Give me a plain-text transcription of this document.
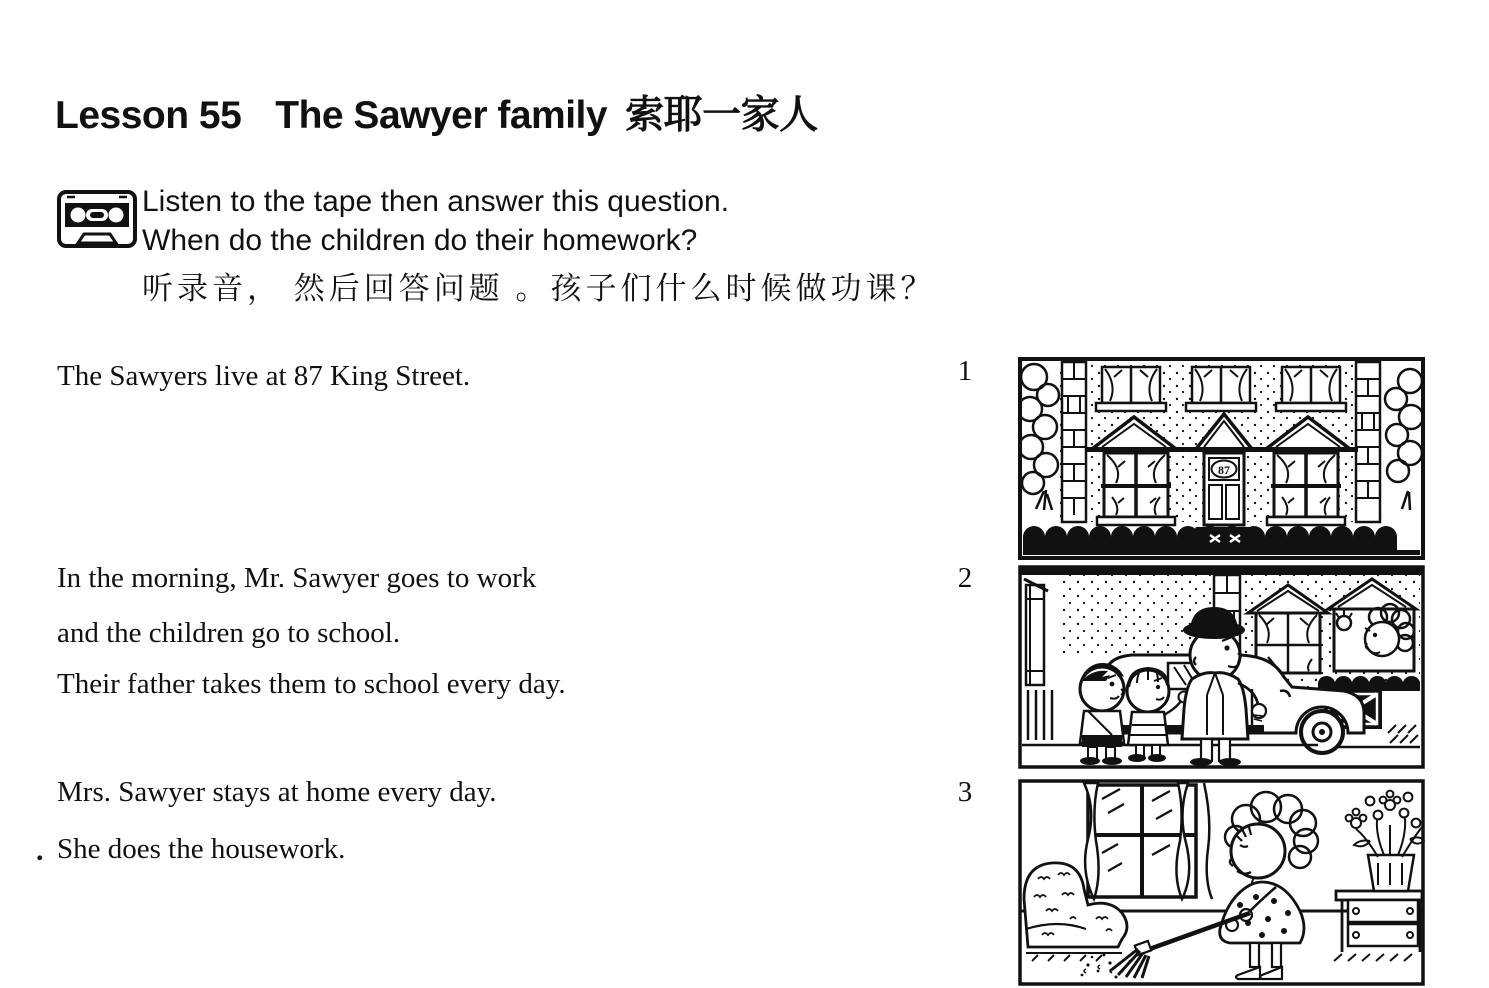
Lesson 55 The Sawyer family 索耶一家人
Listen to the tape then answer this question.
When do the children do their homework?
听录音， 然后回答问题 。孩子们什么时候做功课？
The Sawyers live at 87 King Street.	1
In the morning, Mr. Sawyer goes to work
and the children go to school.
Their father takes them to school every day.
2
Mrs. Sawyer stays at home every day.
She does the housework.
3
.
87
